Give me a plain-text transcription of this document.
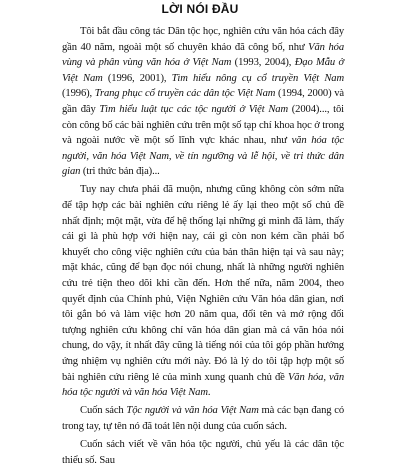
LỜI NÓI ĐẦU

Tôi bắt đầu công tác Dân tộc học, nghiên cứu văn hóa cách đây gần 40 năm, ngoài một số chuyên khảo đã công bố, như Văn hóa vùng và phân vùng văn hóa ở Việt Nam (1993, 2004), Đạo Mẫu ở Việt Nam (1996, 2001), Tìm hiểu nông cụ cổ truyền Việt Nam (1996), Trang phục cổ truyền các dân tộc Việt Nam (1994, 2000) và gần đây Tìm hiểu luật tục các tộc người ở Việt Nam (2004)..., tôi còn công bố các bài nghiên cứu trên một số tạp chí khoa học ở trong và ngoài nước về một số lĩnh vực khác nhau, như văn hóa tộc người, văn hóa Việt Nam, về tín ngưỡng và lễ hội, về tri thức dân gian (tri thức bản địa)...

Tuy nay chưa phải đã muộn, nhưng cũng không còn sớm nữa để tập hợp các bài nghiên cứu riêng lẻ ấy lại theo một số chủ đề nhất định; một mặt, vừa để hệ thống lại những gì mình đã làm, thấy cái gì là phù hợp với hiện nay, cái gì còn non kém cần phải bổ khuyết cho công việc nghiên cứu của bản thân hiện tại và sau này; mặt khác, cũng để bạn đọc nói chung, nhất là những người nghiên cứu trẻ tiện theo dõi khi cần đến. Hơn thế nữa, năm 2004, theo quyết định của Chính phủ, Viện Nghiên cứu Văn hóa dân gian, nơi tôi gắn bó và làm việc hơn 20 năm qua, đổi tên và mở rộng đối tượng nghiên cứu không chỉ văn hóa dân gian mà cả văn hóa nói chung, do vậy, ít nhất đây cũng là tiếng nói của tôi góp phần hướng ứng nhiệm vụ nghiên cứu mới này. Đó là lý do tôi tập hợp một số bài nghiên cứu riêng lẻ của mình xung quanh chủ đề Văn hóa, văn hóa tộc người và văn hóa Việt Nam.

Cuốn sách Tộc người và văn hóa Việt Nam mà các bạn đang có trong tay, tự tên nó đã toát lên nội dung của cuốn sách.

Cuốn sách viết về văn hóa tộc người, chủ yếu là các dân tộc thiểu số. Sau
